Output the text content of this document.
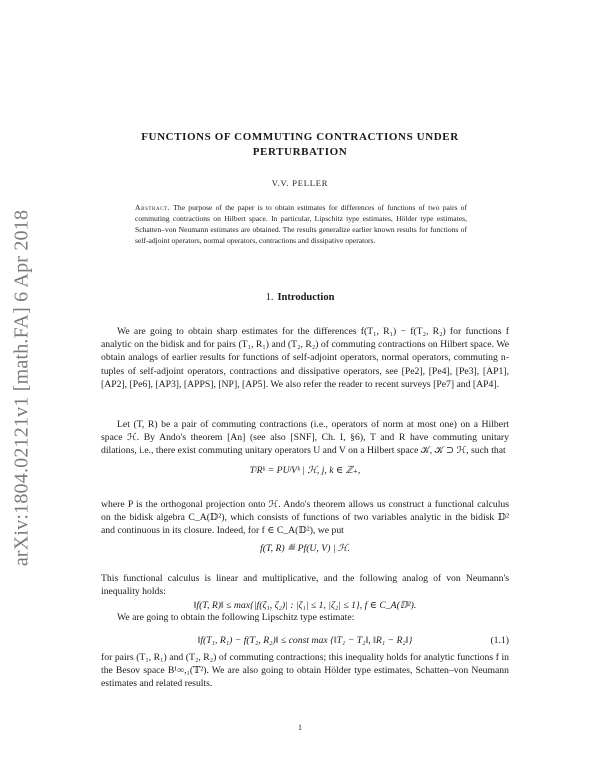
arXiv:1804.02121v1 [math.FA] 6 Apr 2018
FUNCTIONS OF COMMUTING CONTRACTIONS UNDER
PERTURBATION
V.V. PELLER
Abstract. The purpose of the paper is to obtain estimates for differences of functions of two pairs of commuting contractions on Hilbert space. In particular, Lipschitz type estimates, Hölder type estimates, Schatten–von Neumann estimates are obtained. The results generalize earlier known results for functions of self-adjoint operators, normal operators, contractions and dissipative operators.
1. Introduction
We are going to obtain sharp estimates for the differences f(T₁, R₁) − f(T₂, R₂) for functions f analytic on the bidisk and for pairs (T₁, R₁) and (T₂, R₂) of commuting contractions on Hilbert space. We obtain analogs of earlier results for functions of self-adjoint operators, normal operators, commuting n-tuples of self-adjoint operators, contractions and dissipative operators, see [Pe2], [Pe4], [Pe3], [AP1], [AP2], [Pe6], [AP3], [APPS], [NP], [AP5]. We also refer the reader to recent surveys [Pe7] and [AP4].
Let (T, R) be a pair of commuting contractions (i.e., operators of norm at most one) on a Hilbert space ℋ. By Ando's theorem [An] (see also [SNF], Ch. I, §6), T and R have commuting unitary dilations, i.e., there exist commuting unitary operators U and V on a Hilbert space 𝒦, 𝒦 ⊃ ℋ, such that
TʲRᵏ = PUʲVᵏ | ℋ, j, k ∈ ℤ₊,
where P is the orthogonal projection onto ℋ. Ando's theorem allows us construct a functional calculus on the bidisk algebra C_A(𝔻²), which consists of functions of two variables analytic in the bidisk 𝔻² and continuous in its closure. Indeed, for f ∈ C_A(𝔻²), we put
f(T, R) ≝ Pf(U, V) | ℋ.
This functional calculus is linear and multiplicative, and the following analog of von Neumann's inequality holds:
‖f(T, R)‖ ≤ max{|f(ζ₁, ζ₂)| : |ζ₁| ≤ 1, |ζ₂| ≤ 1}, f ∈ C_A(𝔻²).
We are going to obtain the following Lipschitz type estimate:
‖f(T₁, R₁) − f(T₂, R₂)‖ ≤ const max {‖T₁ − T₂‖, ‖R₁ − R₂‖}	(1.1)
for pairs (T₁, R₁) and (T₂, R₂) of commuting contractions; this inequality holds for analytic functions f in the Besov space B¹∞,₁(𝕋²). We are also going to obtain Hölder type estimates, Schatten–von Neumann estimates and related results.
1
